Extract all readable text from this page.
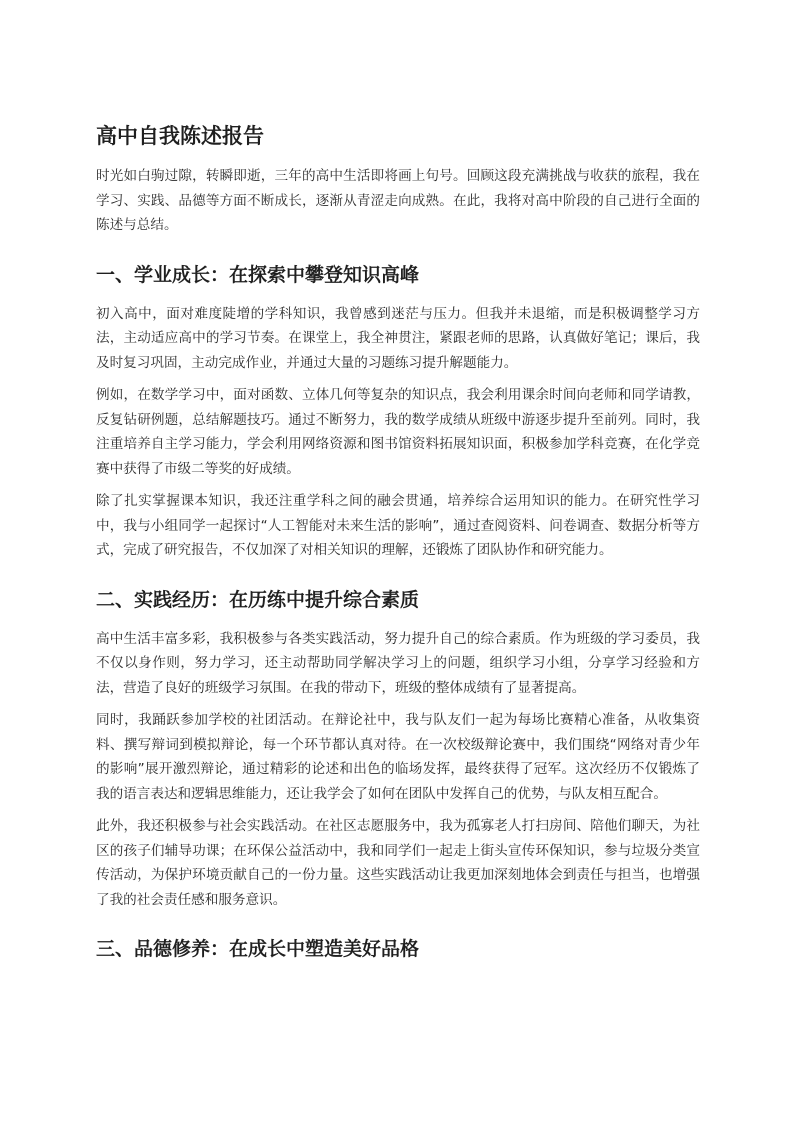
高中自我陈述报告

时光如白驹过隙，转瞬即逝，三年的高中生活即将画上句号。回顾这段充满挑战与收获的旅程，我在学习、实践、品德等方面不断成长，逐渐从青涩走向成熟。在此，我将对高中阶段的自己进行全面的陈述与总结。

一、学业成长：在探索中攀登知识高峰

初入高中，面对难度陡增的学科知识，我曾感到迷茫与压力。但我并未退缩，而是积极调整学习方法，主动适应高中的学习节奏。在课堂上，我全神贯注，紧跟老师的思路，认真做好笔记；课后，我及时复习巩固，主动完成作业，并通过大量的习题练习提升解题能力。

例如，在数学学习中，面对函数、立体几何等复杂的知识点，我会利用课余时间向老师和同学请教，反复钻研例题，总结解题技巧。通过不断努力，我的数学成绩从班级中游逐步提升至前列。同时，我注重培养自主学习能力，学会利用网络资源和图书馆资料拓展知识面，积极参加学科竞赛，在化学竞赛中获得了市级二等奖的好成绩。

除了扎实掌握课本知识，我还注重学科之间的融会贯通，培养综合运用知识的能力。在研究性学习中，我与小组同学一起探讨“人工智能对未来生活的影响”，通过查阅资料、问卷调查、数据分析等方式，完成了研究报告，不仅加深了对相关知识的理解，还锻炼了团队协作和研究能力。

二、实践经历：在历练中提升综合素质

高中生活丰富多彩，我积极参与各类实践活动，努力提升自己的综合素质。作为班级的学习委员，我不仅以身作则，努力学习，还主动帮助同学解决学习上的问题，组织学习小组，分享学习经验和方法，营造了良好的班级学习氛围。在我的带动下，班级的整体成绩有了显著提高。

同时，我踊跃参加学校的社团活动。在辩论社中，我与队友们一起为每场比赛精心准备，从收集资料、撰写辩词到模拟辩论，每一个环节都认真对待。在一次校级辩论赛中，我们围绕“网络对青少年的影响”展开激烈辩论，通过精彩的论述和出色的临场发挥，最终获得了冠军。这次经历不仅锻炼了我的语言表达和逻辑思维能力，还让我学会了如何在团队中发挥自己的优势，与队友相互配合。

此外，我还积极参与社会实践活动。在社区志愿服务中，我为孤寡老人打扫房间、陪他们聊天，为社区的孩子们辅导功课；在环保公益活动中，我和同学们一起走上街头宣传环保知识，参与垃圾分类宣传活动，为保护环境贡献自己的一份力量。这些实践活动让我更加深刻地体会到责任与担当，也增强了我的社会责任感和服务意识。

三、品德修养：在成长中塑造美好品格
